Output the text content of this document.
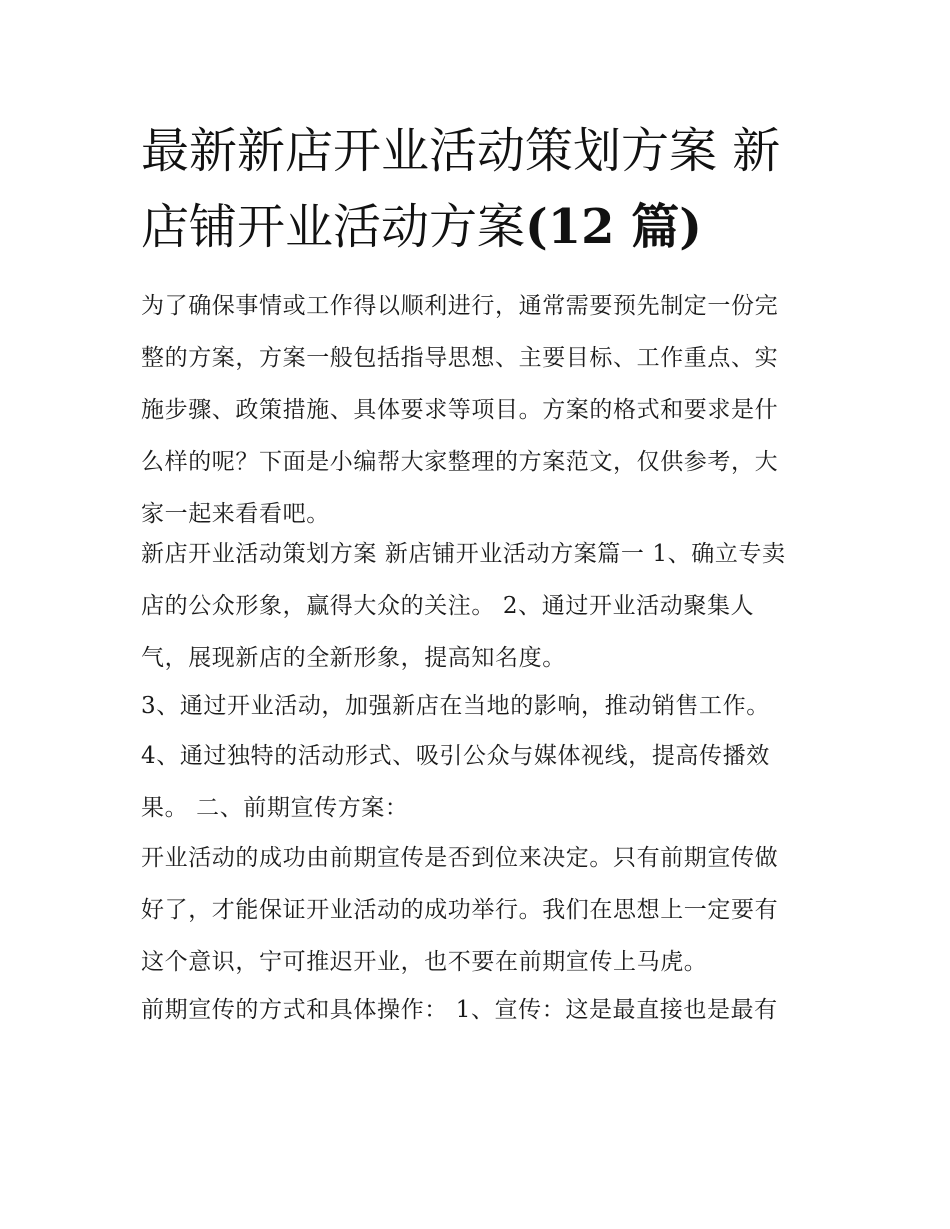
最新新店开业活动策划方案 新
店铺开业活动方案(12 篇)

为了确保事情或工作得以顺利进行，通常需要预先制定一份完
整的方案，方案一般包括指导思想、主要目标、工作重点、实
施步骤、政策措施、具体要求等项目。方案的格式和要求是什
么样的呢？下面是小编帮大家整理的方案范文，仅供参考，大
家一起来看看吧。

新店开业活动策划方案 新店铺开业活动方案篇一 1、确立专卖
店的公众形象，赢得大众的关注。 2、通过开业活动聚集人
气，展现新店的全新形象，提高知名度。

3、通过开业活动，加强新店在当地的影响，推动销售工作。

4、通过独特的活动形式、吸引公众与媒体视线，提高传播效
果。 二、前期宣传方案：

开业活动的成功由前期宣传是否到位来决定。只有前期宣传做
好了，才能保证开业活动的成功举行。我们在思想上一定要有
这个意识，宁可推迟开业，也不要在前期宣传上马虎。

前期宣传的方式和具体操作： 1、宣传：这是最直接也是最有
